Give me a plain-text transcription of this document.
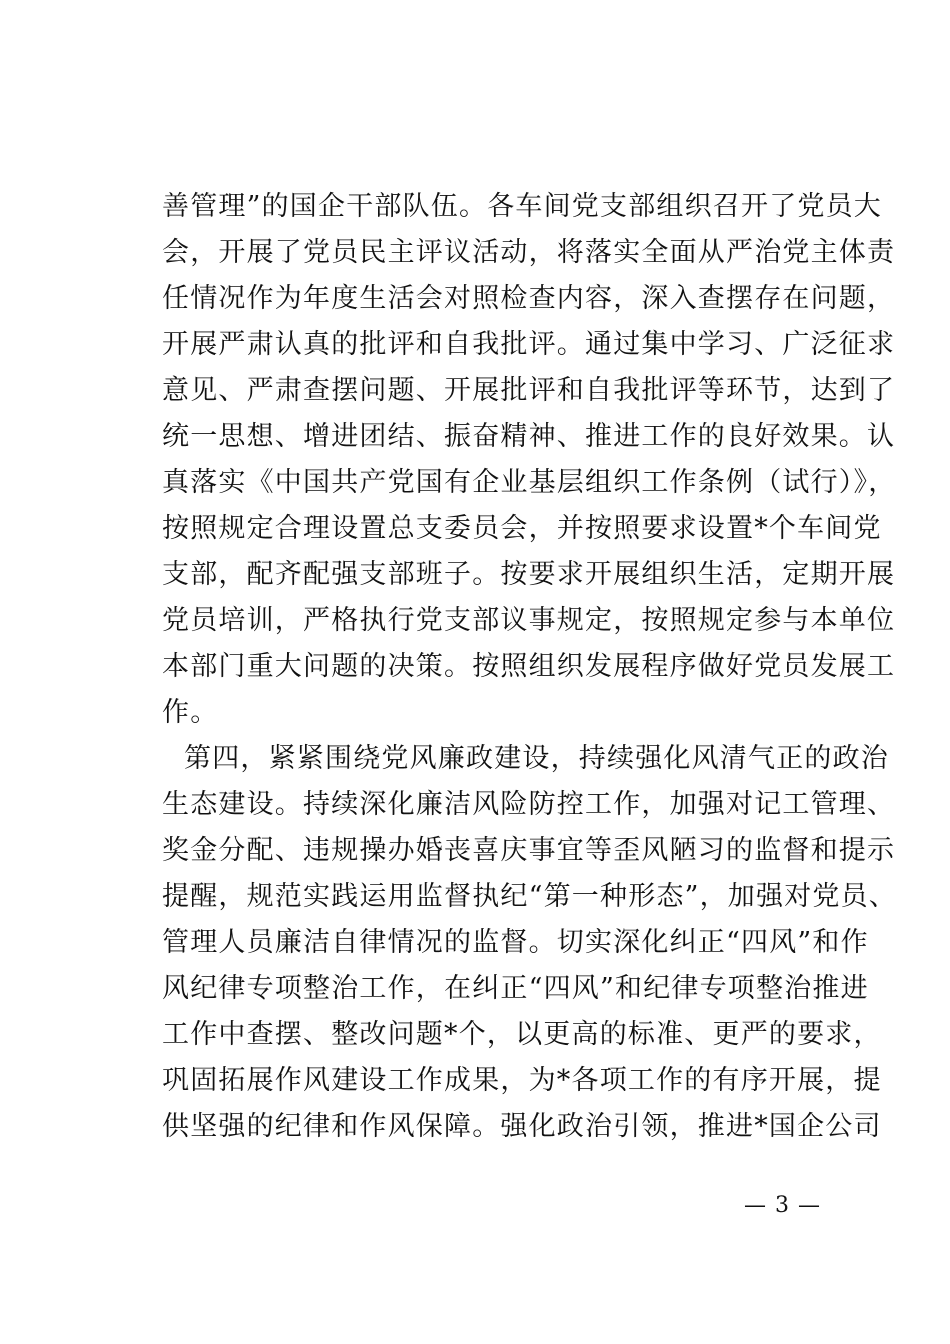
善管理”的国企干部队伍。各车间党支部组织召开了党员大
会，开展了党员民主评议活动，将落实全面从严治党主体责
任情况作为年度生活会对照检查内容，深入查摆存在问题，
开展严肃认真的批评和自我批评。通过集中学习、广泛征求
意见、严肃查摆问题、开展批评和自我批评等环节，达到了
统一思想、增进团结、振奋精神、推进工作的良好效果。认
真落实《中国共产党国有企业基层组织工作条例（试行）》，
按照规定合理设置总支委员会，并按照要求设置*个车间党
支部，配齐配强支部班子。按要求开展组织生活，定期开展
党员培训，严格执行党支部议事规定，按照规定参与本单位
本部门重大问题的决策。按照组织发展程序做好党员发展工
作。
第四，紧紧围绕党风廉政建设，持续强化风清气正的政治
生态建设。持续深化廉洁风险防控工作，加强对记工管理、
奖金分配、违规操办婚丧喜庆事宜等歪风陋习的监督和提示
提醒，规范实践运用监督执纪“第一种形态”，加强对党员、
管理人员廉洁自律情况的监督。切实深化纠正“四风”和作
风纪律专项整治工作，在纠正“四风”和纪律专项整治推进
工作中查摆、整改问题*个，以更高的标准、更严的要求，
巩固拓展作风建设工作成果，为*各项工作的有序开展，提
供坚强的纪律和作风保障。强化政治引领，推进*国企公司
— 3 —
